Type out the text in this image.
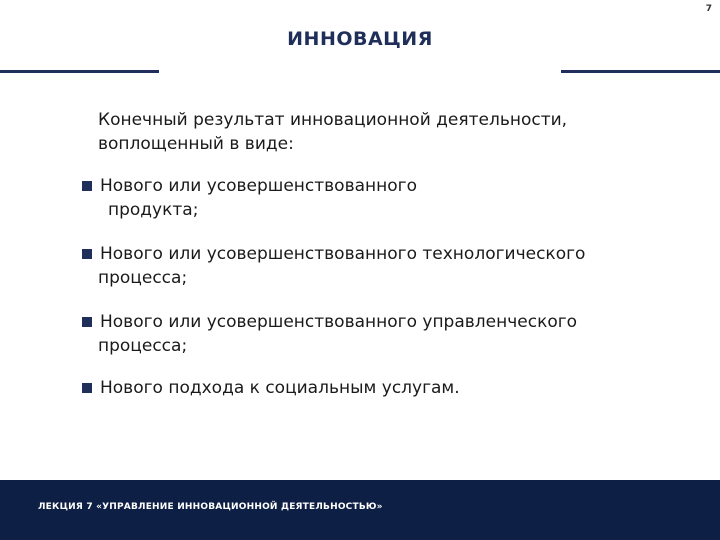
7
ИННОВАЦИЯ
Конечный результат инновационной деятельности,
воплощенный в виде:
Нового или усовершенствованного
продукта;
Нового или усовершенствованного технологического
процесса;
Нового или усовершенствованного управленческого
процесса;
Нового подхода к социальным услугам.
ЛЕКЦИЯ 7 «УПРАВЛЕНИЕ ИННОВАЦИОННОЙ ДЕЯТЕЛЬНОСТЬЮ»
